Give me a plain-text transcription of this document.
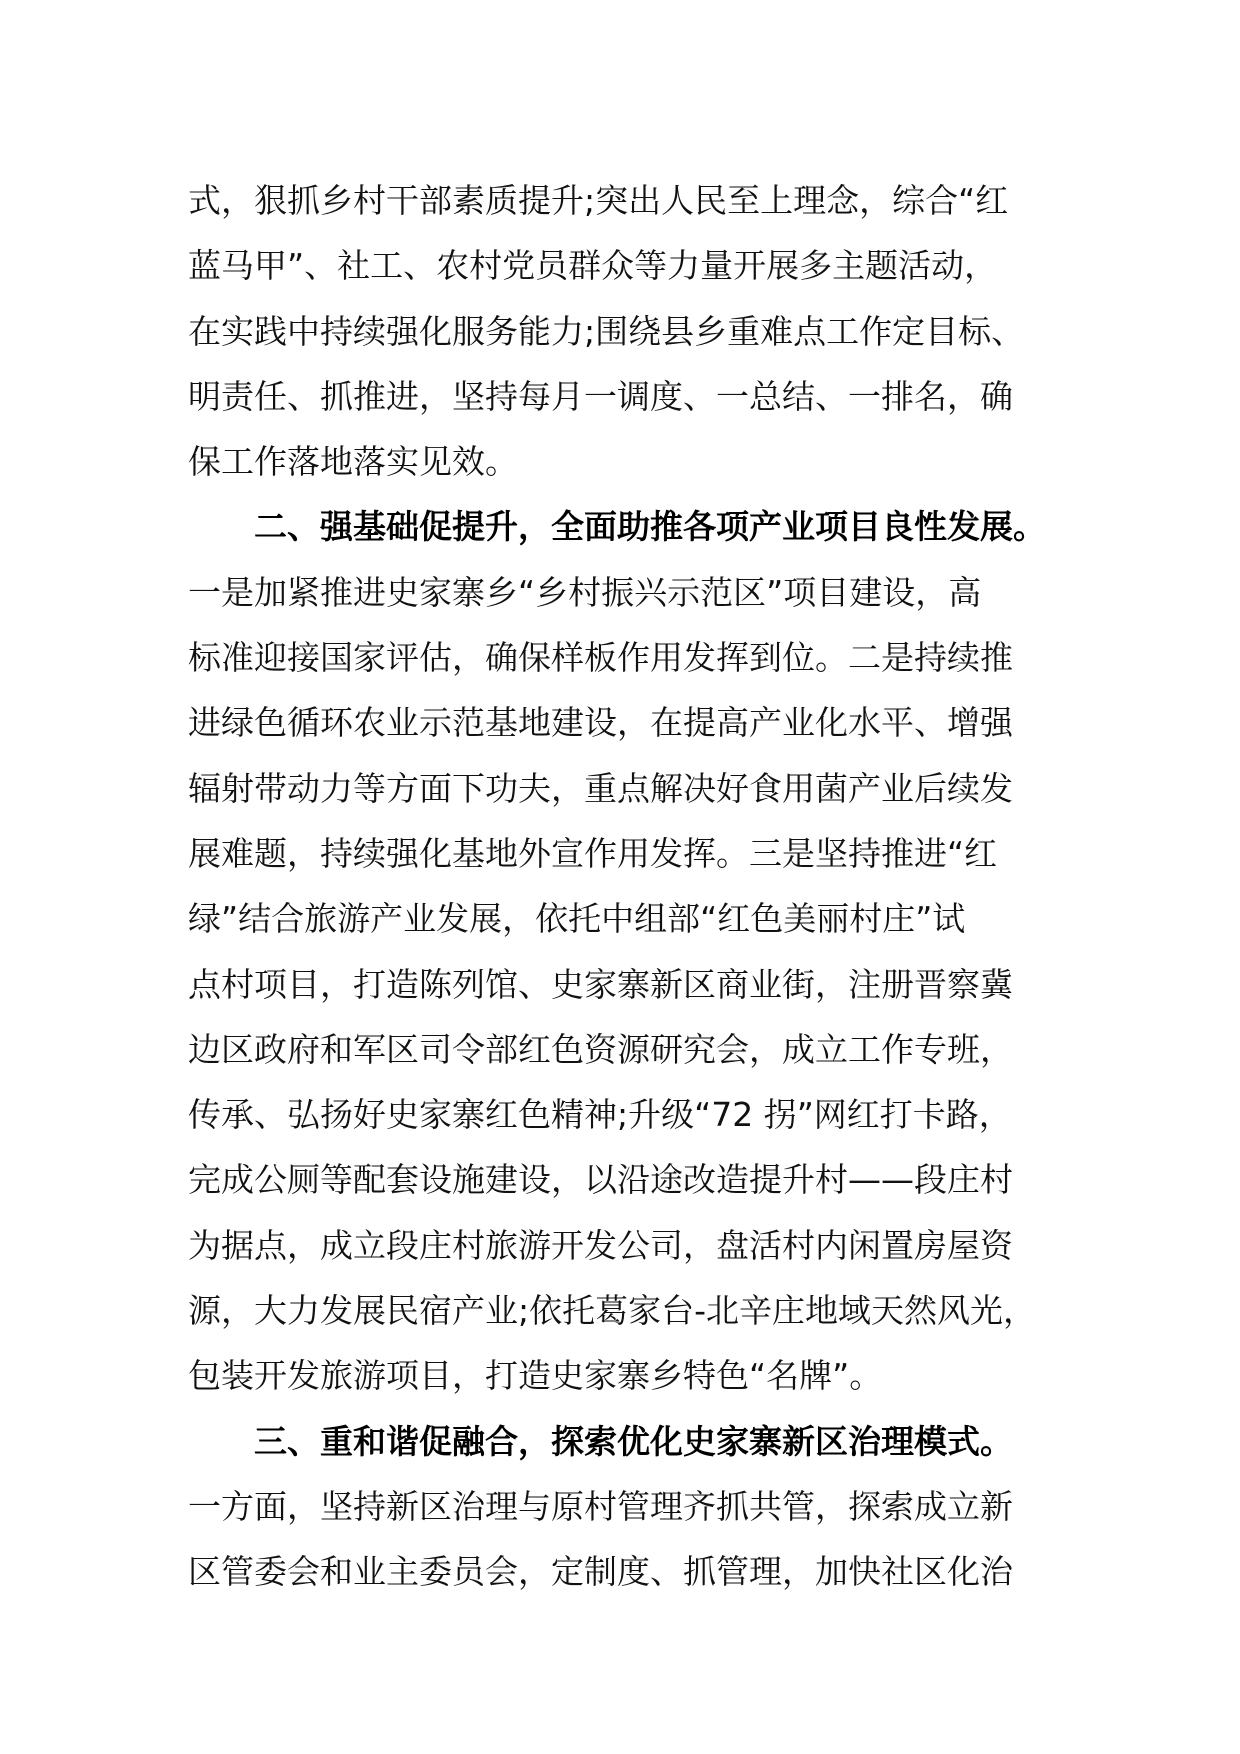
式，狠抓乡村干部素质提升;突出人民至上理念，综合“红
蓝马甲”、社工、农村党员群众等力量开展多主题活动，
在实践中持续强化服务能力;围绕县乡重难点工作定目标、
明责任、抓推进，坚持每月一调度、一总结、一排名，确
保工作落地落实见效。
二、强基础促提升，全面助推各项产业项目良性发展。
一是加紧推进史家寨乡“乡村振兴示范区”项目建设，高
标准迎接国家评估，确保样板作用发挥到位。二是持续推
进绿色循环农业示范基地建设，在提高产业化水平、增强
辐射带动力等方面下功夫，重点解决好食用菌产业后续发
展难题，持续强化基地外宣作用发挥。三是坚持推进“红
绿”结合旅游产业发展，依托中组部“红色美丽村庄”试
点村项目，打造陈列馆、史家寨新区商业街，注册晋察冀
边区政府和军区司令部红色资源研究会，成立工作专班，
传承、弘扬好史家寨红色精神;升级“72 拐”网红打卡路，
完成公厕等配套设施建设，以沿途改造提升村——段庄村
为据点，成立段庄村旅游开发公司，盘活村内闲置房屋资
源，大力发展民宿产业;依托葛家台-北辛庄地域天然风光，
包装开发旅游项目，打造史家寨乡特色“名牌”。
三、重和谐促融合，探索优化史家寨新区治理模式。
一方面，坚持新区治理与原村管理齐抓共管，探索成立新
区管委会和业主委员会，定制度、抓管理，加快社区化治
